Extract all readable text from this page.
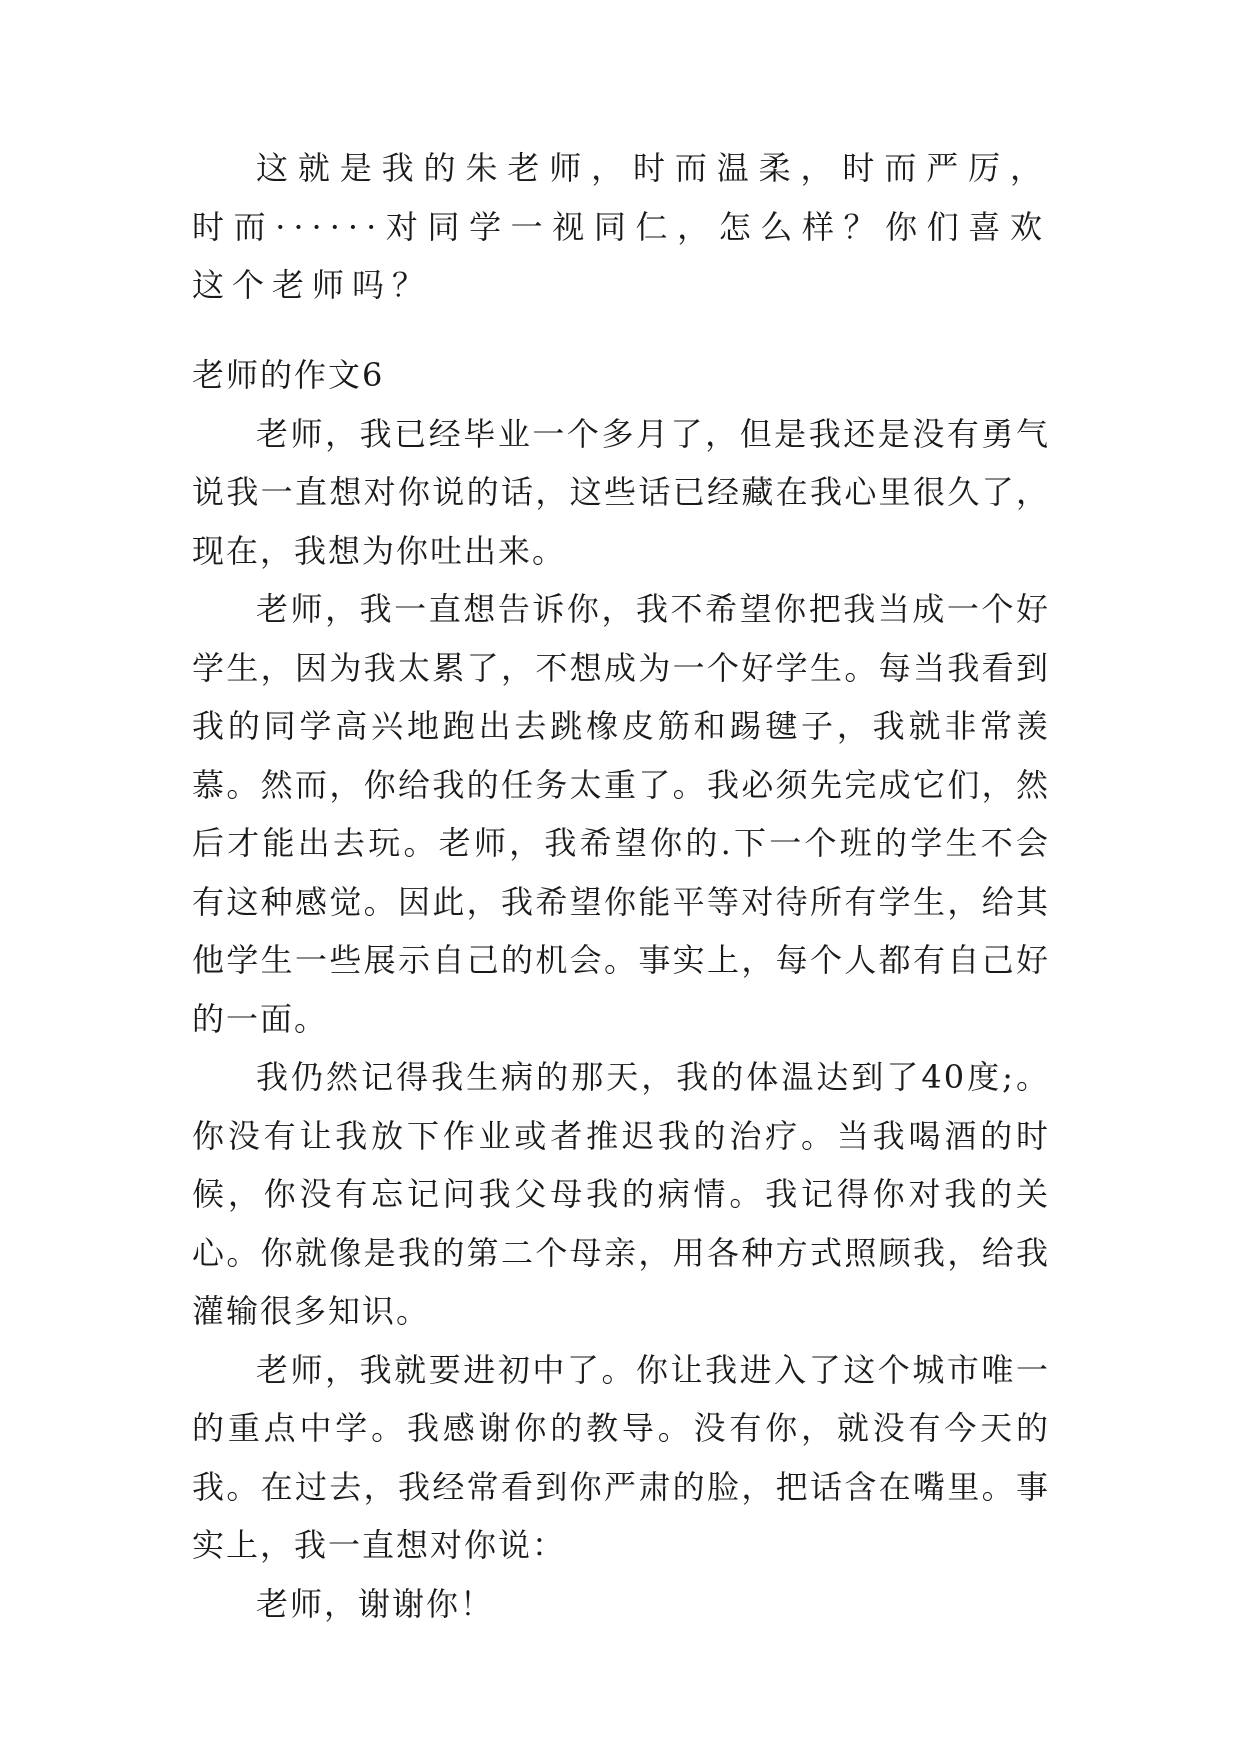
这就是我的朱老师，时而温柔，时而严厉，时而······对同学一视同仁，怎么样？你们喜欢这个老师吗？

老师的作文6

老师，我已经毕业一个多月了，但是我还是没有勇气说我一直想对你说的话，这些话已经藏在我心里很久了，现在，我想为你吐出来。

老师，我一直想告诉你，我不希望你把我当成一个好学生，因为我太累了，不想成为一个好学生。每当我看到我的同学高兴地跑出去跳橡皮筋和踢毽子，我就非常羡慕。然而，你给我的任务太重了。我必须先完成它们，然后才能出去玩。老师，我希望你的.下一个班的学生不会有这种感觉。因此，我希望你能平等对待所有学生，给其他学生一些展示自己的机会。事实上，每个人都有自己好的一面。

我仍然记得我生病的那天，我的体温达到了40度;。你没有让我放下作业或者推迟我的治疗。当我喝酒的时候，你没有忘记问我父母我的病情。我记得你对我的关心。你就像是我的第二个母亲，用各种方式照顾我，给我灌输很多知识。

老师，我就要进初中了。你让我进入了这个城市唯一的重点中学。我感谢你的教导。没有你，就没有今天的我。在过去，我经常看到你严肃的脸，把话含在嘴里。事实上，我一直想对你说：

老师，谢谢你！
